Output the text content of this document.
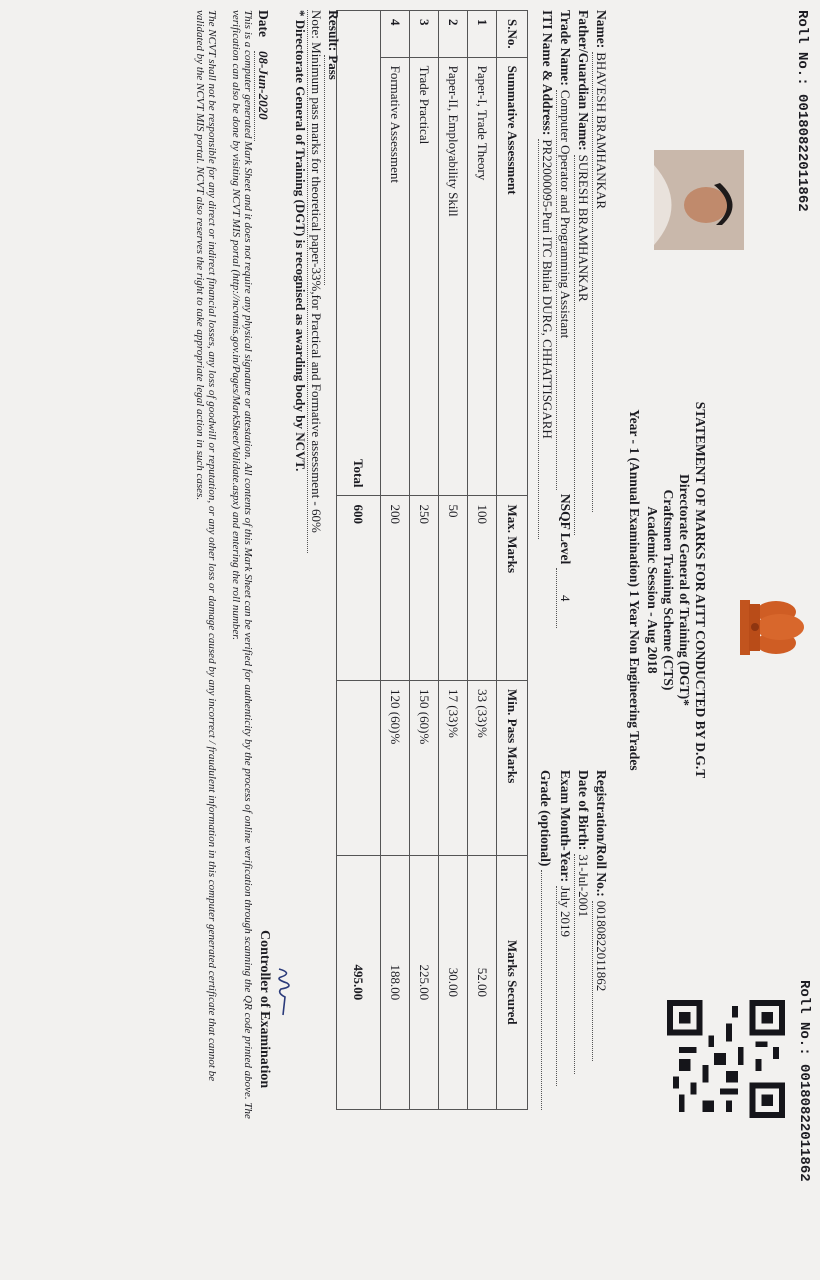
Roll No.: 00180822011862
Roll No.: 00180822011862
STATEMENT OF MARKS FOR AITT CONDUCTED BY D.G.T
Directorate General of Training (DGT)*
Craftsmen Training Scheme (CTS)
Academic Session - Aug 2018
Year - 1 (Annual Examination) 1 Year Non Engineering Trades
Name: BHAVESH BRAMHANKAR
Father/Guardian Name: SURESH BRAMHANKAR
Trade Name: Computer Operator and Programming Assistant NSQF Level 4
ITI Name & Address: PR22000095-Puri ITC Bhilai DURG, CHHATTISGARH
Registration/Roll No.: 00180822011862
Date of Birth: 31-Jul-2001
Exam Month-Year: July 2019
Grade (optional)
S.No.	Summative Assessment	Max. Marks	Min. Pass Marks	Marks Secured
1	Paper-I, Trade Theory	100	33 (33)%	52.00
2	Paper-II, Employability Skill	50	17 (33)%	30.00
3	Trade Practical	250	150 (60)%	225.00
4	Formative Assessment	200	120 (60)%	188.00
Total		600		495.00
Result: Pass
Note: Minimum pass marks for theoretical paper-33%,for Practical and Formative assessment - 60%
* Directorate General of Training (DGT) is recognised as awarding body by NCVT.
Date 08-Jun-2020
Controller of Examination
This is a computer generated Mark Sheet and it does not require any physical signature or attestation. All contents of this Mark Sheet can be verified for authenticity by the process of online verification through scanning the QR code printed above. The verification can also be done by visiting NCVT MIS portal (http://ncvtmis.gov.in/Pages/MarkSheet/Validate.aspx) and entering the roll number.
The NCVT shall not be responsible for any direct or indirect financial losses, any loss of goodwill or reputation, or any other loss or damage caused by any incorrect / fraudulent information in this computer generated certificate that cannot be validated by the NCVT MIS portal. NCVT also reserves the right to take appropriate legal action in such cases.
